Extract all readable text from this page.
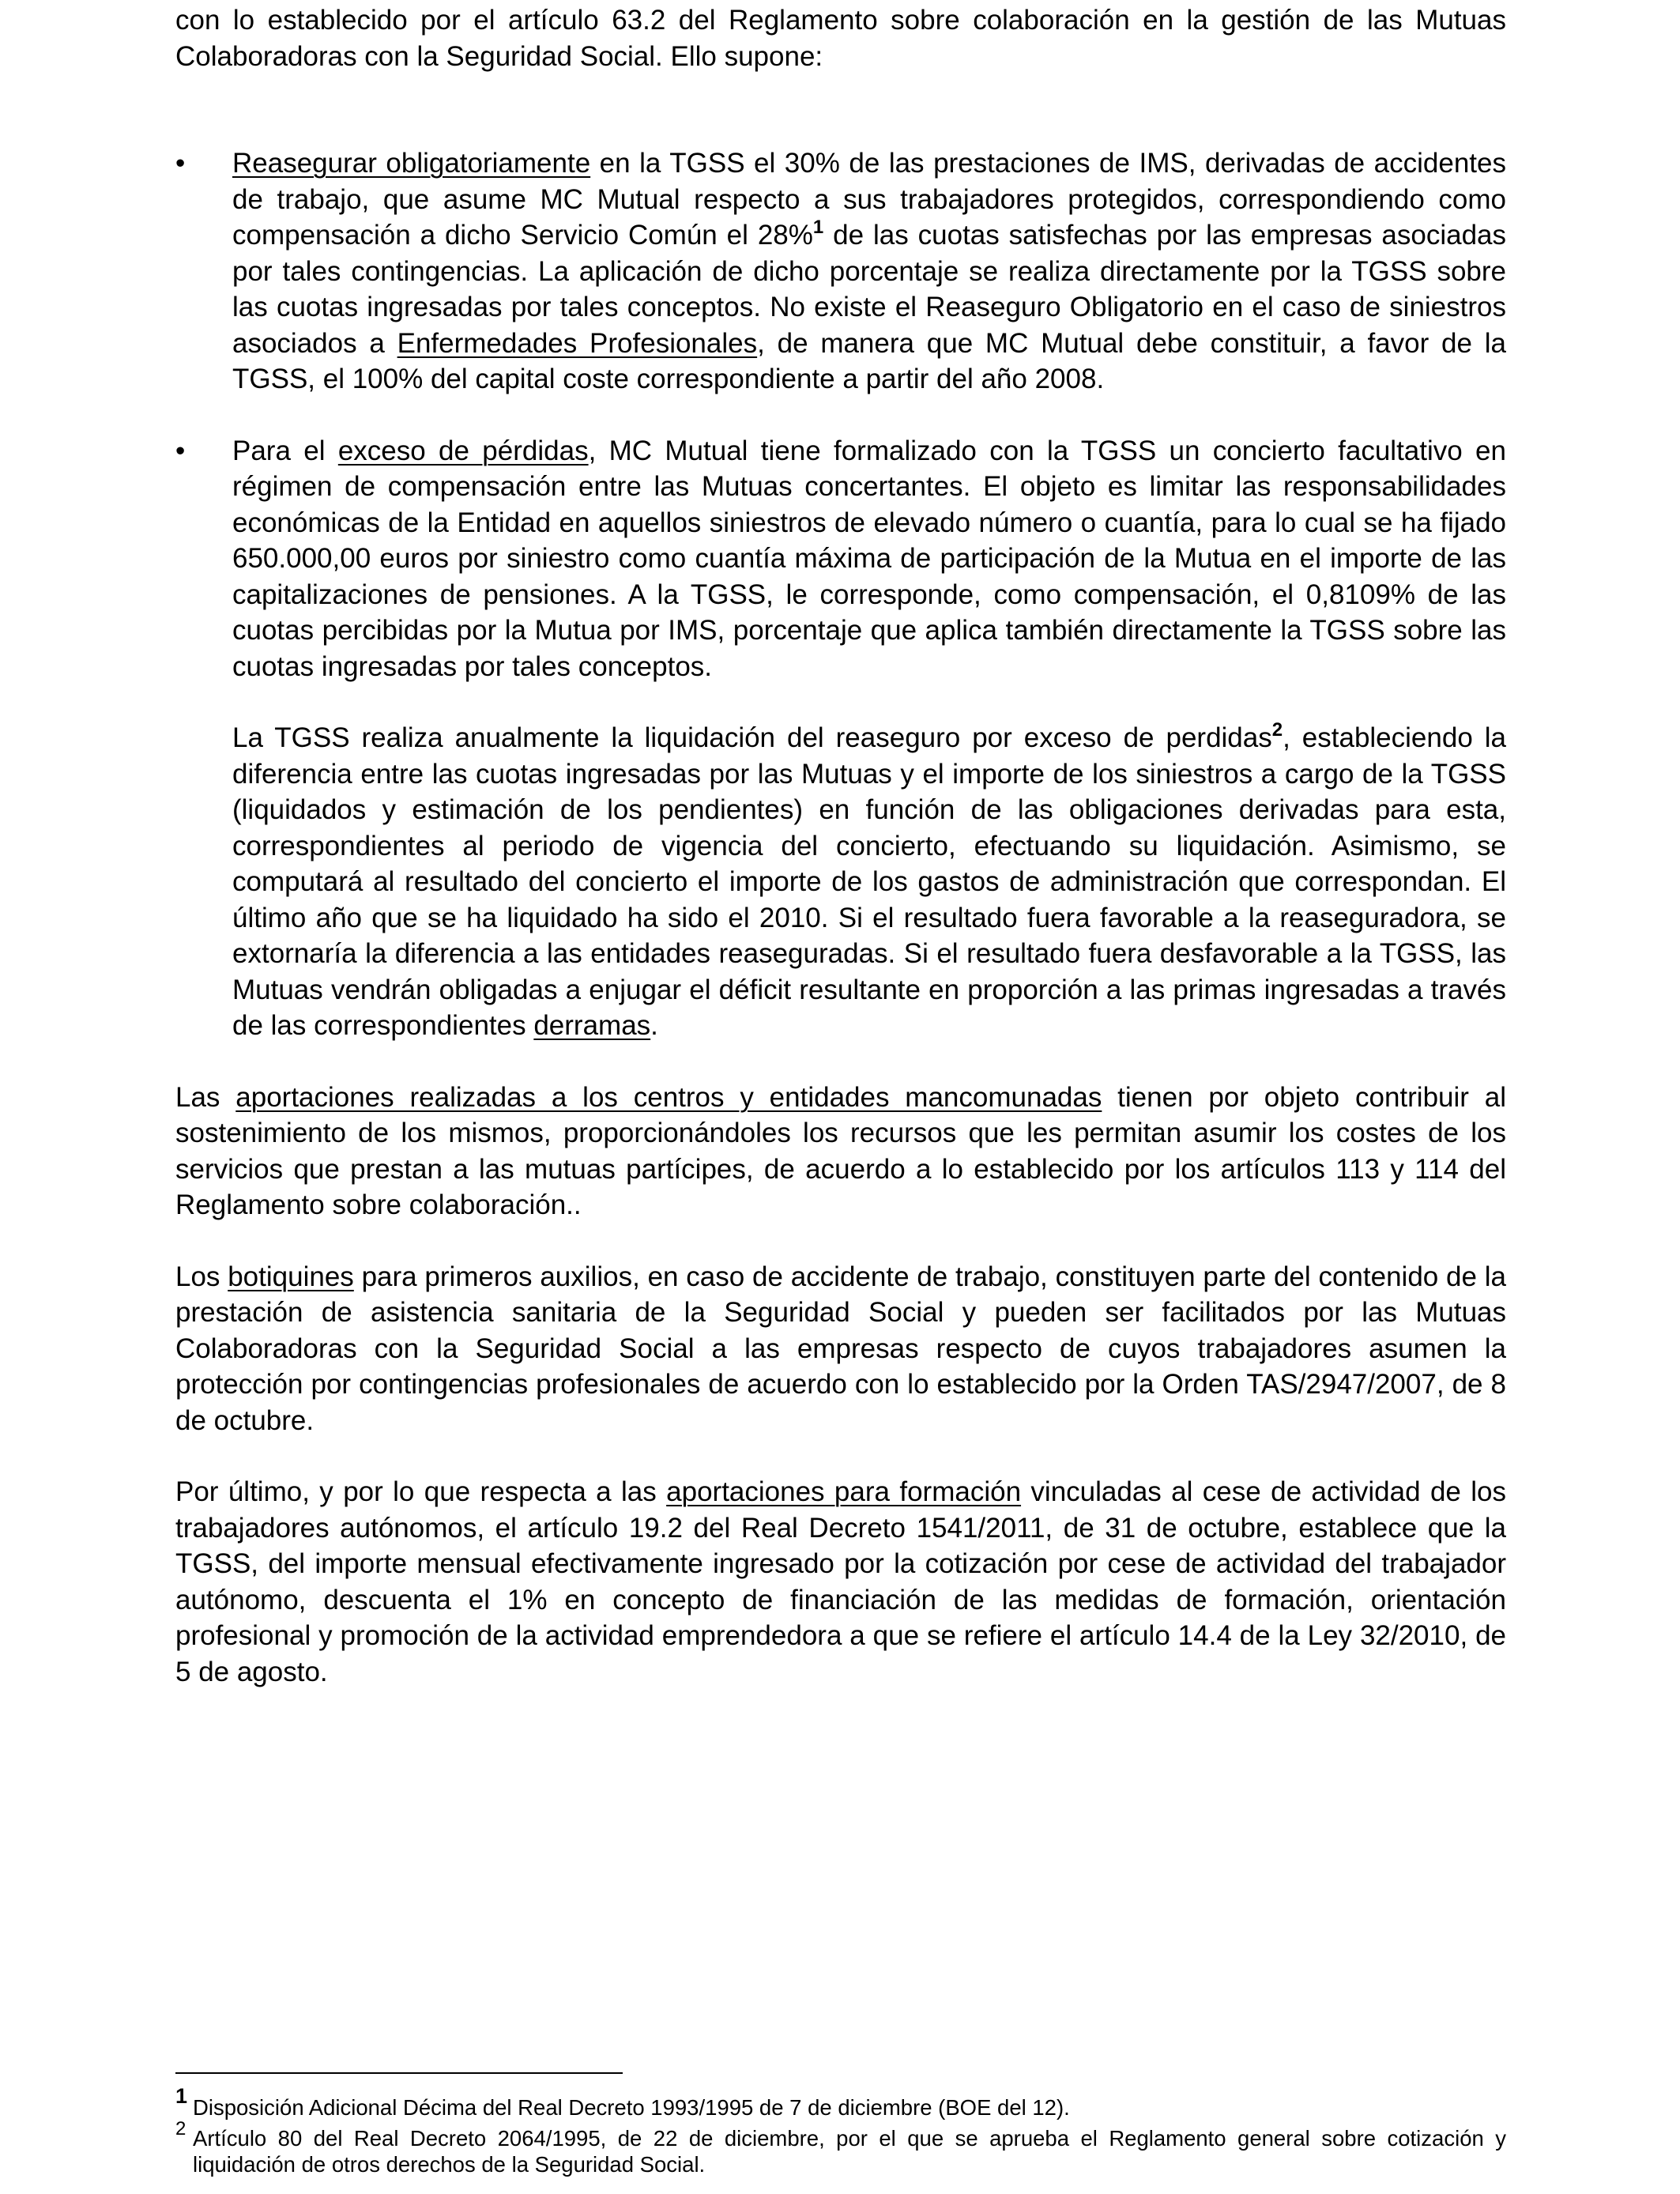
con lo establecido por el artículo 63.2 del Reglamento sobre colaboración en la gestión de las Mutuas Colaboradoras con la Seguridad Social. Ello supone:

• Reasegurar obligatoriamente en la TGSS el 30% de las prestaciones de IMS, derivadas de accidentes de trabajo, que asume MC Mutual respecto a sus trabajadores protegidos, correspondiendo como compensación a dicho Servicio Común el 28%$^1$ de las cuotas satisfechas por las empresas asociadas por tales contingencias. La aplicación de dicho porcentaje se realiza directamente por la TGSS sobre las cuotas ingresadas por tales conceptos. No existe el Reaseguro Obligatorio en el caso de siniestros asociados a Enfermedades Profesionales, de manera que MC Mutual debe constituir, a favor de la TGSS, el 100% del capital coste correspondiente a partir del año 2008.

• Para el exceso de pérdidas, MC Mutual tiene formalizado con la TGSS un concierto facultativo en régimen de compensación entre las Mutuas concertantes. El objeto es limitar las responsabilidades económicas de la Entidad en aquellos siniestros de elevado número o cuantía, para lo cual se ha fijado 650.000,00 euros por siniestro como cuantía máxima de participación de la Mutua en el importe de las capitalizaciones de pensiones. A la TGSS, le corresponde, como compensación, el 0,8109% de las cuotas percibidas por la Mutua por IMS, porcentaje que aplica también directamente la TGSS sobre las cuotas ingresadas por tales conceptos.

La TGSS realiza anualmente la liquidación del reaseguro por exceso de perdidas$^2$, estableciendo la diferencia entre las cuotas ingresadas por las Mutuas y el importe de los siniestros a cargo de la TGSS (liquidados y estimación de los pendientes) en función de las obligaciones derivadas para esta, correspondientes al periodo de vigencia del concierto, efectuando su liquidación. Asimismo, se computará al resultado del concierto el importe de los gastos de administración que correspondan. El último año que se ha liquidado ha sido el 2010. Si el resultado fuera favorable a la reaseguradora, se extornaría la diferencia a las entidades reaseguradas. Si el resultado fuera desfavorable a la TGSS, las Mutuas vendrán obligadas a enjugar el déficit resultante en proporción a las primas ingresadas a través de las correspondientes derramas.

Las aportaciones realizadas a los centros y entidades mancomunadas tienen por objeto contribuir al sostenimiento de los mismos, proporcionándoles los recursos que les permitan asumir los costes de los servicios que prestan a las mutuas partícipes, de acuerdo a lo establecido por los artículos 113 y 114 del Reglamento sobre colaboración..

Los botiquines para primeros auxilios, en caso de accidente de trabajo, constituyen parte del contenido de la prestación de asistencia sanitaria de la Seguridad Social y pueden ser facilitados por las Mutuas Colaboradoras con la Seguridad Social a las empresas respecto de cuyos trabajadores asumen la protección por contingencias profesionales de acuerdo con lo establecido por la Orden TAS/2947/2007, de 8 de octubre.

Por último, y por lo que respecta a las aportaciones para formación vinculadas al cese de actividad de los trabajadores autónomos, el artículo 19.2 del Real Decreto 1541/2011, de 31 de octubre, establece que la TGSS, del importe mensual efectivamente ingresado por la cotización por cese de actividad del trabajador autónomo, descuenta el 1% en concepto de financiación de las medidas de formación, orientación profesional y promoción de la actividad emprendedora a que se refiere el artículo 14.4 de la Ley 32/2010, de 5 de agosto.

1 Disposición Adicional Décima del Real Decreto 1993/1995 de 7 de diciembre (BOE del 12).
2 Artículo 80 del Real Decreto 2064/1995, de 22 de diciembre, por el que se aprueba el Reglamento general sobre cotización y liquidación de otros derechos de la Seguridad Social.
